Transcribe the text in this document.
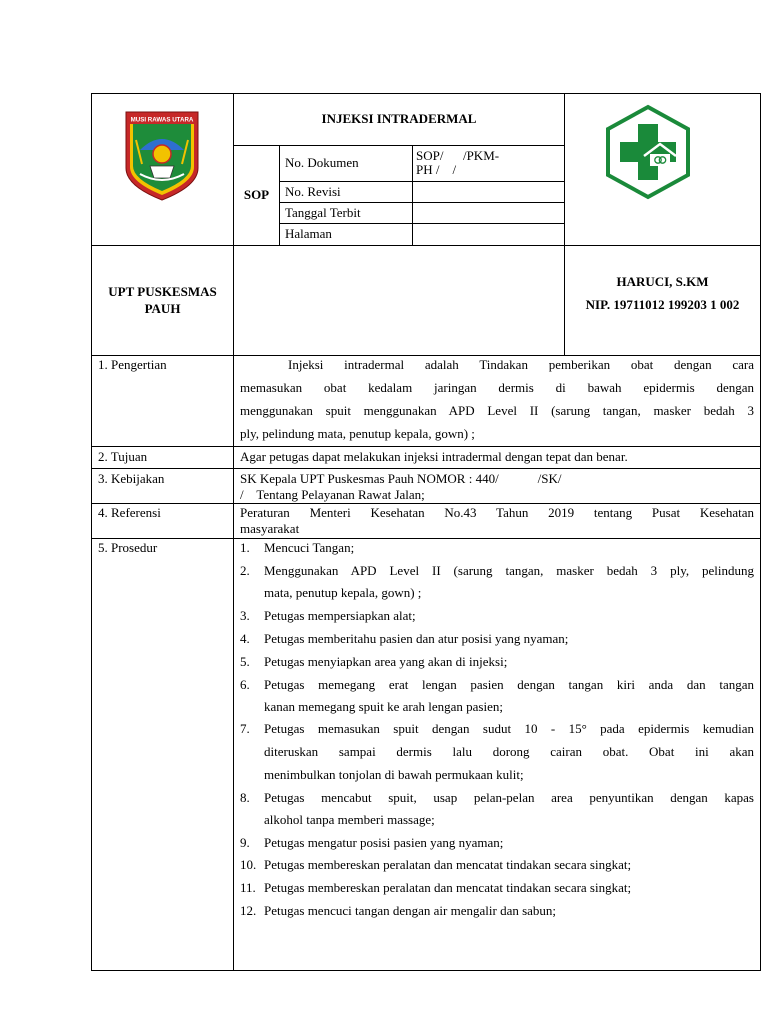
MUSI RAWAS UTARA	INJEKSI INTRADERMAL
SOP
No. Dokumen	SOP/      /PKM-
PH /    /
No. Revisi
Tanggal Terbit
Halaman
UPT PUSKESMAS
PAUH
HARUCI, S.KM
NIP. 19711012 199203 1 002
1. Pengertian	Injeksi intradermal adalah Tindakan pemberikan obat dengan cara
memasukan obat kedalam jaringan dermis di bawah epidermis dengan
menggunakan spuit menggunakan APD Level II (sarung tangan, masker bedah 3
ply, pelindung mata, penutup kepala, gown) ;
2. Tujuan	Agar petugas dapat melakukan injeksi intradermal dengan tepat dan benar.
3. Kebijakan	SK Kepala UPT Puskesmas Pauh NOMOR : 440/            /SK/
/    Tentang Pelayanan Rawat Jalan;
4. Referensi	Peraturan Menteri Kesehatan No.43 Tahun 2019 tentang Pusat Kesehatan
masyarakat
5. Prosedur	1. Mencuci Tangan;
2. Menggunakan APD Level II (sarung tangan, masker bedah 3 ply, pelindung
mata, penutup kepala, gown) ;
3. Petugas mempersiapkan alat;
4. Petugas memberitahu pasien dan atur posisi yang nyaman;
5. Petugas menyiapkan area yang akan di injeksi;
6. Petugas memegang erat lengan pasien dengan tangan kiri anda dan tangan
kanan memegang spuit ke arah lengan pasien;
7. Petugas memasukan spuit dengan sudut 10 - 15° pada epidermis kemudian
diteruskan sampai dermis lalu dorong cairan obat. Obat ini akan
menimbulkan tonjolan di bawah permukaan kulit;
8. Petugas mencabut spuit, usap pelan-pelan area penyuntikan dengan kapas
alkohol tanpa memberi massage;
9. Petugas mengatur posisi pasien yang nyaman;
10. Petugas membereskan peralatan dan mencatat tindakan secara singkat;
11. Petugas membereskan peralatan dan mencatat tindakan secara singkat;
12. Petugas mencuci tangan dengan air mengalir dan sabun;
